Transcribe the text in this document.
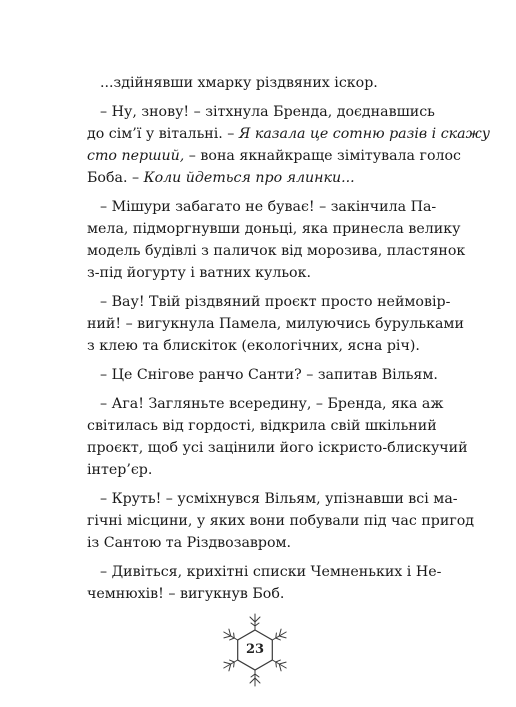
...здійнявши хмарку різдвяних іскор.
– Ну, знову! – зітхнула Бренда, доєднавшись
до сім’ї у вітальні. – Я казала це сотню разів і скажу
сто перший, – вона якнайкраще зімітувала голос
Боба. – Коли йдеться про ялинки...
– Мішури забагато не буває! – закінчила Па-
мела, підморгнувши доньці, яка принесла велику
модель будівлі з паличок від морозива, пластянок
з-під йогурту і ватних кульок.
– Вау! Твій різдвяний проєкт просто неймовір-
ний! – вигукнула Памела, милуючись бурульками
з клею та блискіток (екологічних, ясна річ).
– Це Снігове ранчо Санти? – запитав Вільям.
– Ага! Загляньте всередину, – Бренда, яка аж
світилась від гордості, відкрила свій шкільний
проєкт, щоб усі зацінили його іскристо-блискучий
інтер’єр.
– Круть! – усміхнувся Вільям, упізнавши всі ма-
гічні місцини, у яких вони побували під час пригод
із Сантою та Різдвозавром.
– Дивіться, крихітні списки Чемненьких і Не-
чемнюхів! – вигукнув Боб.
23
